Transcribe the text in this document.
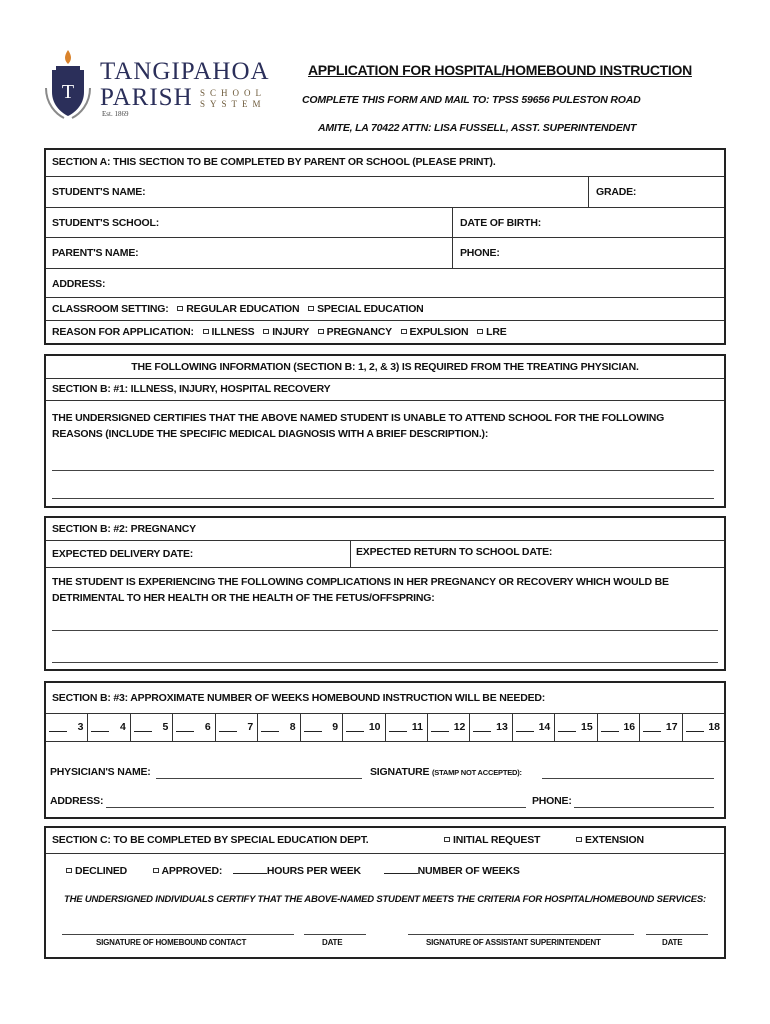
T
TANGIPAHOA
PARISH SCHOOL
SYSTEM
Est. 1869
APPLICATION FOR HOSPITAL/HOMEBOUND INSTRUCTION
COMPLETE THIS FORM AND MAIL TO: TPSS 59656 PULESTON ROAD
AMITE, LA 70422 ATTN: LISA FUSSELL, ASST. SUPERINTENDENT
SECTION A: THIS SECTION TO BE COMPLETED BY PARENT OR SCHOOL (PLEASE PRINT).
STUDENT'S NAME:	GRADE:
STUDENT'S SCHOOL:	DATE OF BIRTH:
PARENT'S NAME:	PHONE:
ADDRESS:
CLASSROOM SETTING: REGULAR EDUCATION SPECIAL EDUCATION
REASON FOR APPLICATION: ILLNESS INJURY PREGNANCY EXPULSION LRE
THE FOLLOWING INFORMATION (SECTION B: 1, 2, & 3) IS REQUIRED FROM THE TREATING PHYSICIAN.
SECTION B: #1: ILLNESS, INJURY, HOSPITAL RECOVERY
THE UNDERSIGNED CERTIFIES THAT THE ABOVE NAMED STUDENT IS UNABLE TO ATTEND SCHOOL FOR THE FOLLOWING
REASONS (INCLUDE THE SPECIFIC MEDICAL DIAGNOSIS WITH A BRIEF DESCRIPTION.):
SECTION B: #2: PREGNANCY
EXPECTED DELIVERY DATE:	EXPECTED RETURN TO SCHOOL DATE:
THE STUDENT IS EXPERIENCING THE FOLLOWING COMPLICATIONS IN HER PREGNANCY OR RECOVERY WHICH WOULD BE
DETRIMENTAL TO HER HEALTH OR THE HEALTH OF THE FETUS/OFFSPRING:
SECTION B: #3: APPROXIMATE NUMBER OF WEEKS HOMEBOUND INSTRUCTION WILL BE NEEDED:
3	4	5	6	7	8	9	10	11	12	13	14	15	16	17	18
PHYSICIAN'S NAME:	SIGNATURE (STAMP NOT ACCEPTED):
ADDRESS:	PHONE:
SECTION C: TO BE COMPLETED BY SPECIAL EDUCATION DEPT.	INITIAL REQUEST	EXTENSION
DECLINED	APPROVED:	HOURS PER WEEK	NUMBER OF WEEKS
THE UNDERSIGNED INDIVIDUALS CERTIFY THAT THE ABOVE-NAMED STUDENT MEETS THE CRITERIA FOR HOSPITAL/HOMEBOUND SERVICES:
SIGNATURE OF HOMEBOUND CONTACT	DATE	SIGNATURE OF ASSISTANT SUPERINTENDENT	DATE
